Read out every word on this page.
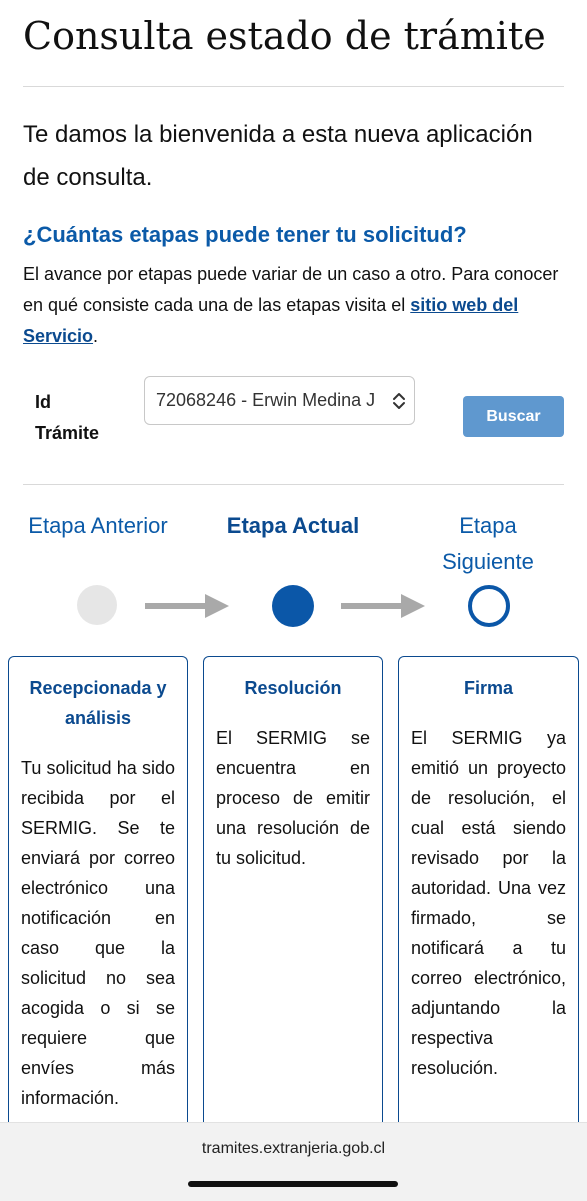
Consulta estado de trámite

Te damos la bienvenida a esta nueva aplicación de consulta.

¿Cuántas etapas puede tener tu solicitud?

El avance por etapas puede variar de un caso a otro. Para conocer en qué consiste cada una de las etapas visita el sitio web del Servicio.

Id
Trámite
72068246 - Erwin Medina J
Buscar
Etapa Anterior	Etapa Actual	Etapa
Siguiente
Recepcionada y análisis
Tu solicitud ha sido recibida por el SERMIG. Se te enviará por correo electrónico una notificación en caso que la solicitud no sea acogida o si se requiere que envíes más información.
Resolución
El SERMIG se encuentra en proceso de emitir una resolución de tu solicitud.
Firma
El SERMIG ya emitió un proyecto de resolución, el cual está siendo revisado por la autoridad. Una vez firmado, se notificará a tu correo electrónico, adjuntando la respectiva resolución.
tramites.extranjeria.gob.cl
